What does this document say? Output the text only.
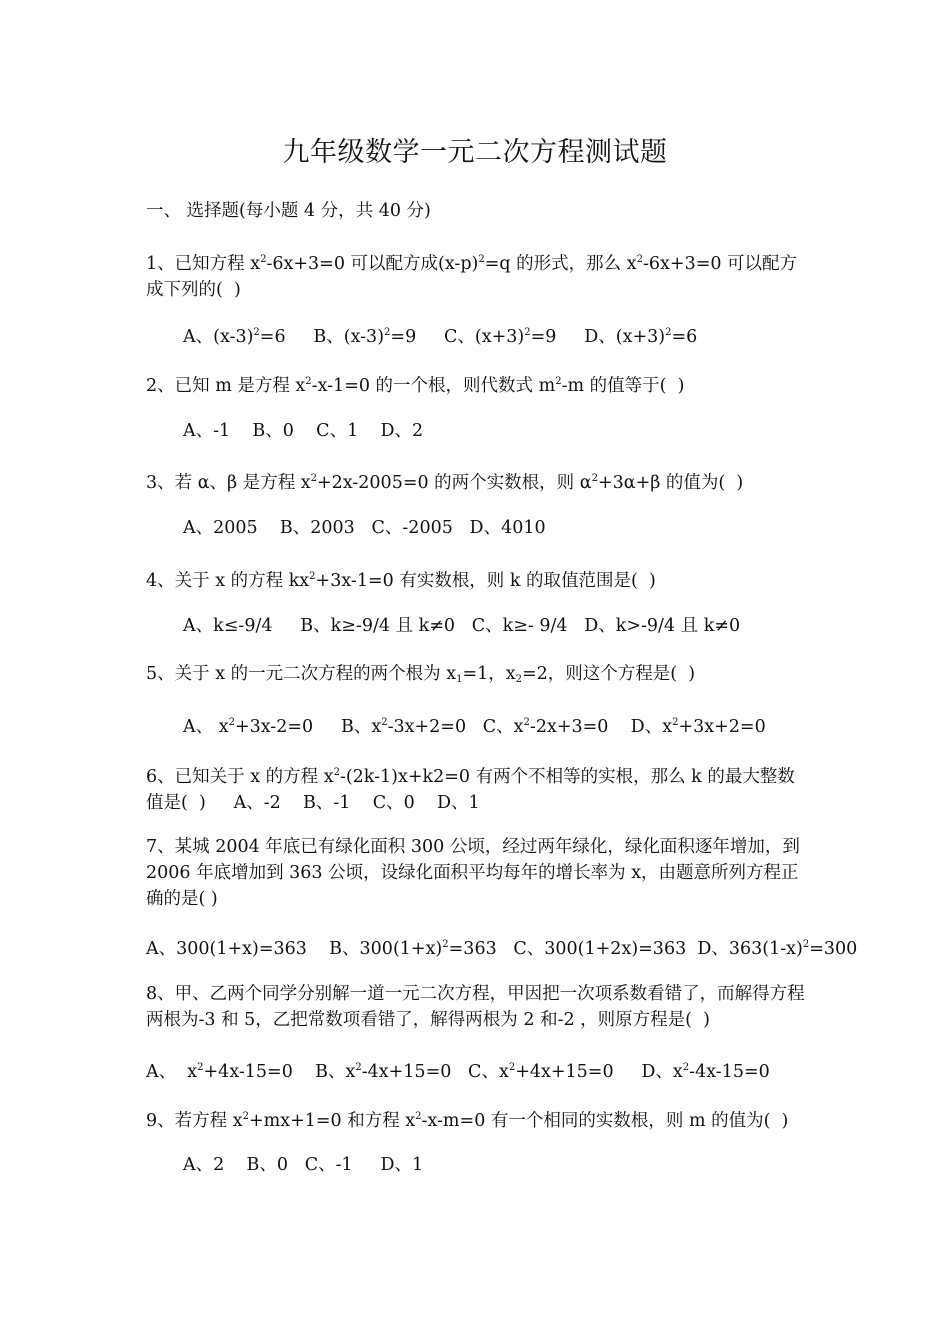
九年级数学一元二次方程测试题
一、 选择题(每小题 4 分，共 40 分)
1、已知方程 $x^2-6x+3=0$ 可以配方成$(x-p)^2=q$ 的形式，那么 $x^2-6x+3=0$ 可以配方成下列的(  )
A、$(x-3)^2=6$     B、$(x-3)^2=9$     C、$(x+3)^2=9$     D、$(x+3)^2=6$
2、已知 m 是方程 $x^2-x-1=0$ 的一个根，则代数式 $m^2-m$ 的值等于(  )
A、-1    B、0    C、1    D、2
3、若 α、β 是方程 $x^2+2x-2005=0$ 的两个实数根，则 $\alpha^2+3\alpha+\beta$ 的值为(  )
A、2005    B、2003   C、-2005   D、4010
4、关于 x 的方程 $kx^2+3x-1=0$ 有实数根，则 k 的取值范围是(  )
A、k≤-9/4     B、k≥-9/4 且 k≠0   C、k≥- 9/4   D、k>-9/4 且 k≠0
5、关于 x 的一元二次方程的两个根为 $x_1=1$，$x_2=2$，则这个方程是(  )
A、 $x^2+3x-2=0$     B、$x^2-3x+2=0$   C、$x^2-2x+3=0$    D、$x^2+3x+2=0$
6、已知关于 x 的方程 $x^2-(2k-1)x+k2=0$ 有两个不相等的实根，那么 k 的最大整数值是(  )     A、-2    B、-1    C、0    D、1
7、某城 2004 年底已有绿化面积 300 公顷，经过两年绿化，绿化面积逐年增加，到 2006 年底增加到 363 公顷，设绿化面积平均每年的增长率为 x，由题意所列方程正确的是( )
A、300(1+x)=363    B、$300(1+x)^2=363$   C、300(1+2x)=363  D、$363(1-x)^2=300$
8、甲、乙两个同学分别解一道一元二次方程，甲因把一次项系数看错了，而解得方程两根为-3 和 5，乙把常数项看错了，解得两根为 2 和-2 ，则原方程是(  )
A、  $x^2+4x-15=0$    B、$x^2-4x+15=0$   C、$x^2+4x+15=0$     D、$x^2-4x-15=0$
9、若方程 $x^2+mx+1=0$ 和方程 $x^2-x-m=0$ 有一个相同的实数根，则 m 的值为(  )
A、2    B、0   C、-1     D、1
